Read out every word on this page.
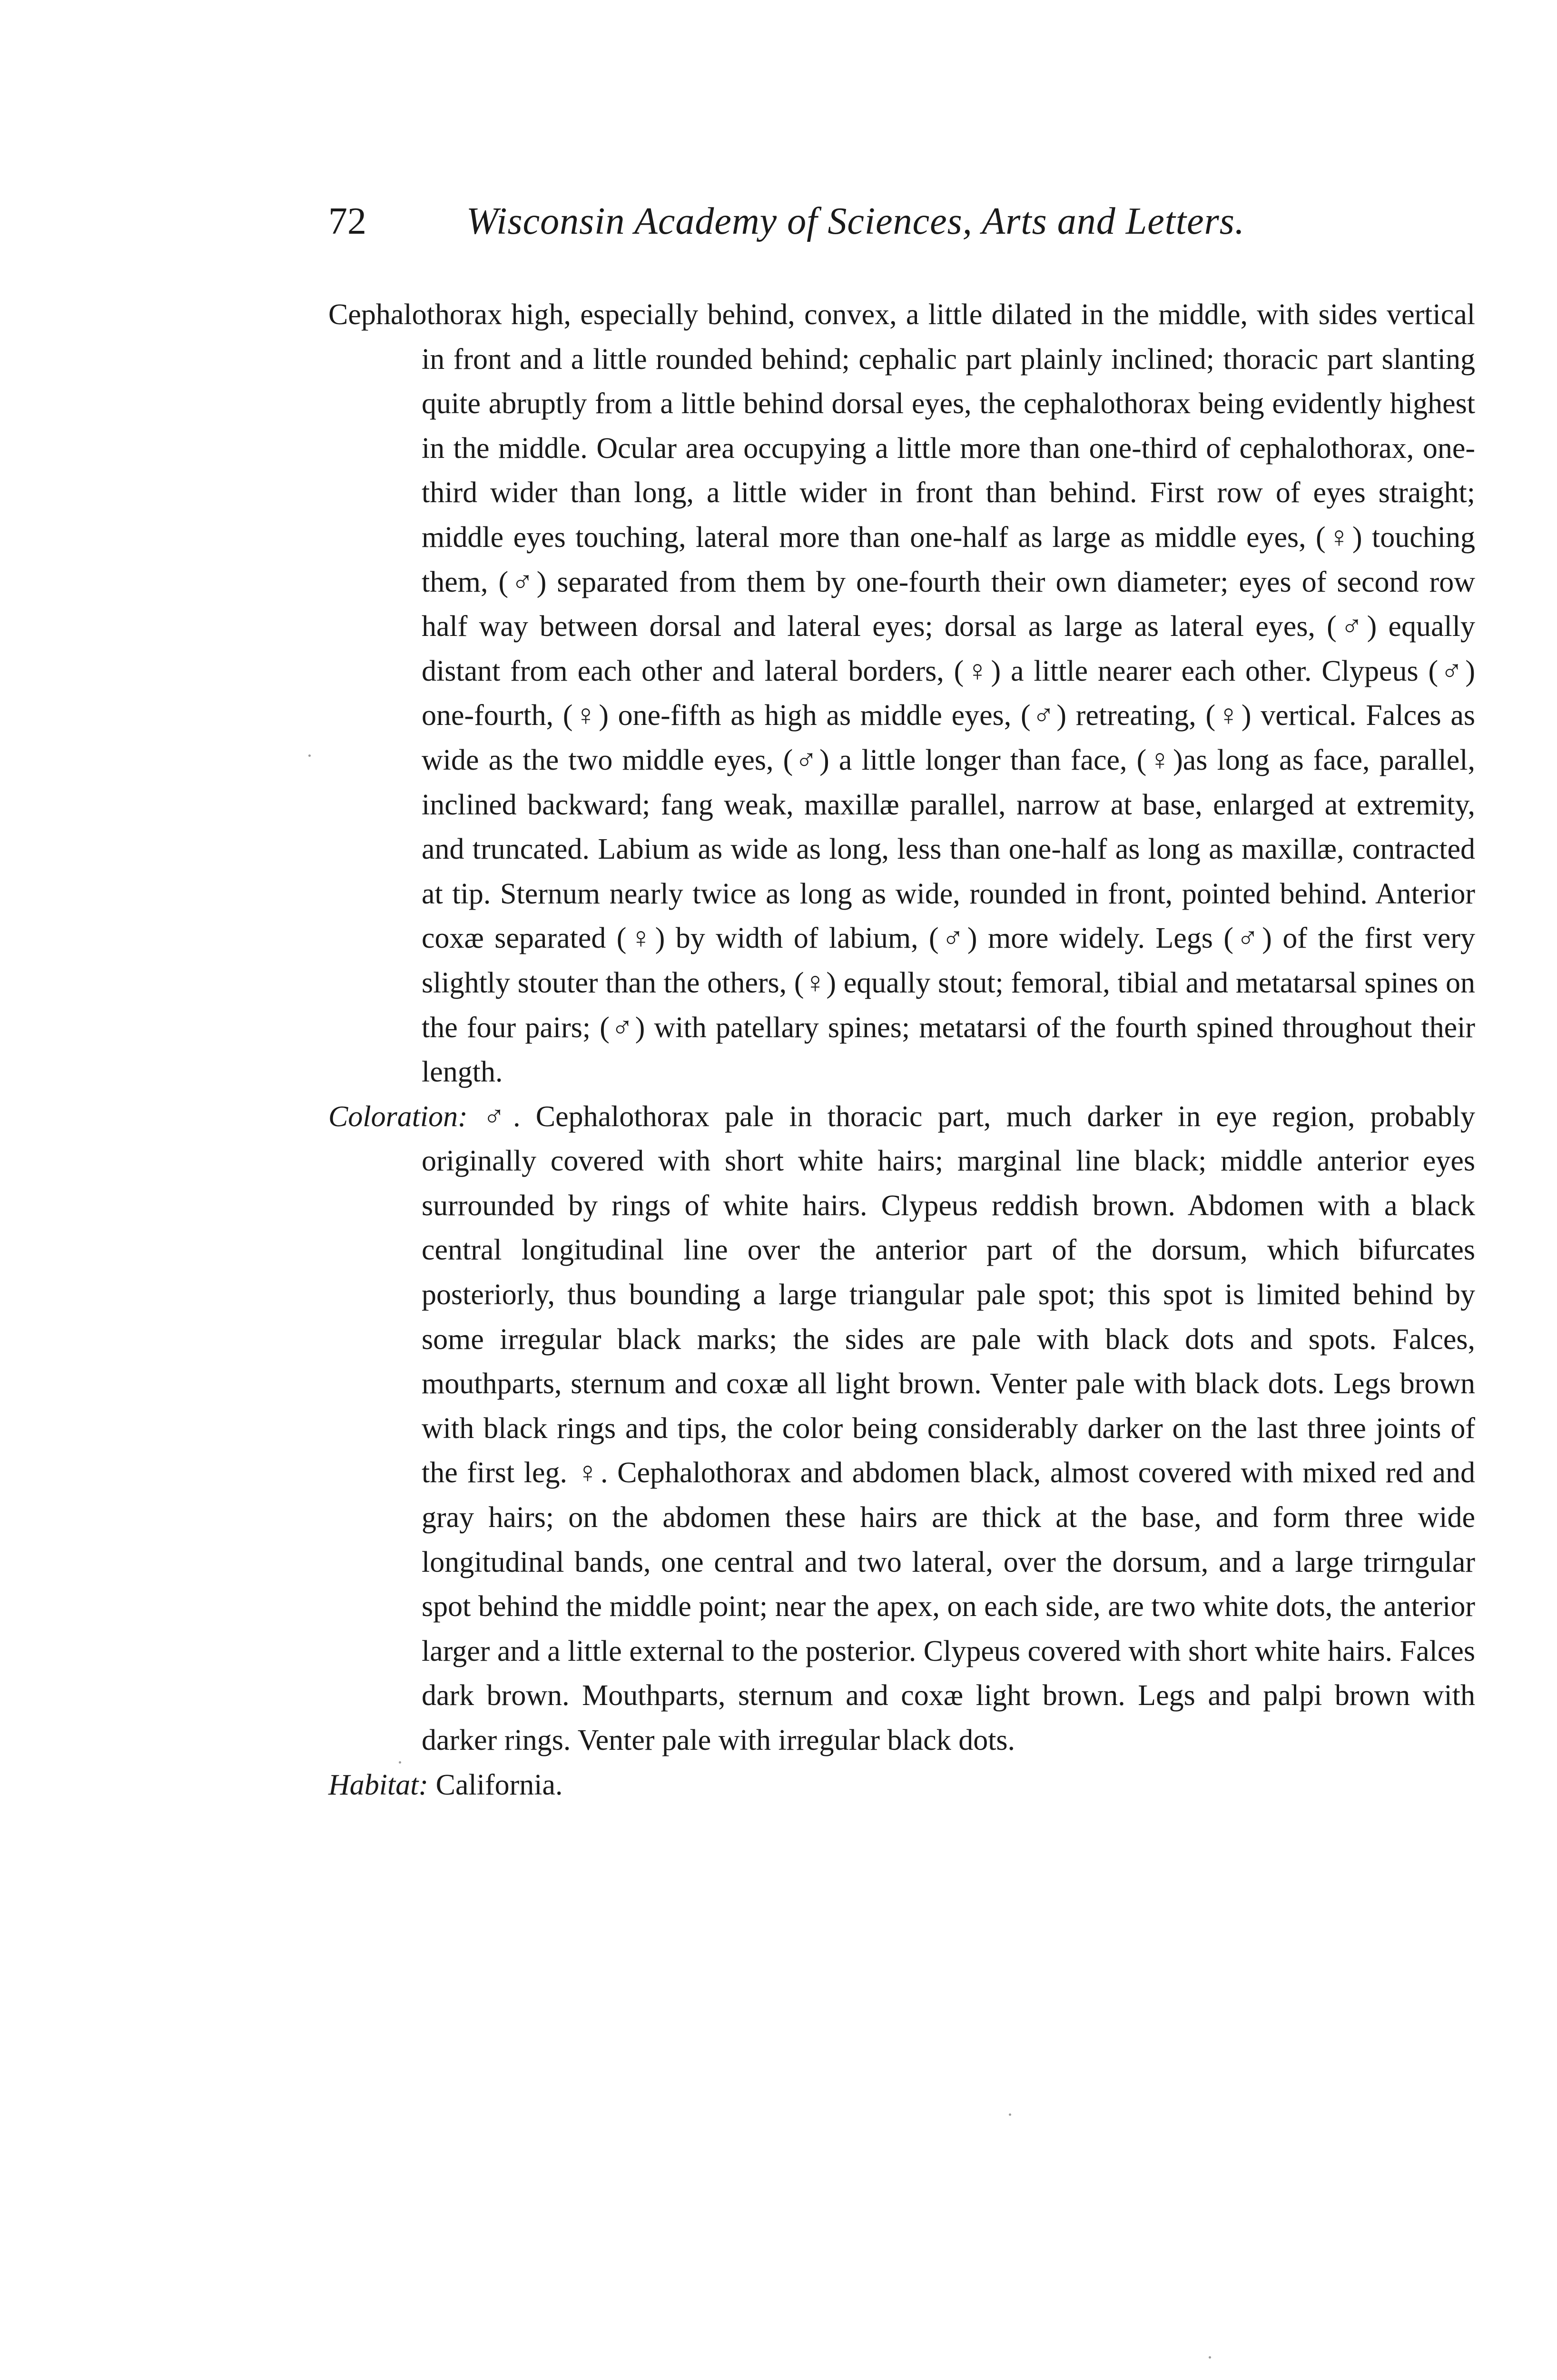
72	Wisconsin Academy of Sciences, Arts and Letters.

Cephalothorax high, especially behind, convex, a little dilated in the middle, with sides vertical in front and a little rounded behind; cephalic part plainly inclined; thoracic part slanting quite abruptly from a little behind dorsal eyes, the cephalothorax being evidently highest in the middle. Ocular area occupying a little more than one-third of cephalothorax, one-third wider than long, a little wider in front than behind. First row of eyes straight; middle eyes touching, lateral more than one-half as large as middle eyes, (♀) touching them, (♂) separated from them by one-fourth their own diameter; eyes of second row half way between dorsal and lateral eyes; dorsal as large as lateral eyes, (♂) equally distant from each other and lateral borders, (♀) a little nearer each other. Clypeus (♂) one-fourth, (♀) one-fifth as high as middle eyes, (♂) retreating, (♀) vertical. Falces as wide as the two middle eyes, (♂) a little longer than face, (♀)as long as face, parallel, inclined backward; fang weak, maxillæ parallel, narrow at base, enlarged at extremity, and truncated. Labium as wide as long, less than one-half as long as maxillæ, contracted at tip. Sternum nearly twice as long as wide, rounded in front, pointed behind. Anterior coxæ separated (♀) by width of labium, (♂) more widely. Legs (♂) of the first very slightly stouter than the others, (♀) equally stout; femoral, tibial and metatarsal spines on the four pairs; (♂) with patellary spines; metatarsi of the fourth spined throughout their length.

Coloration: ♂. Cephalothorax pale in thoracic part, much darker in eye region, probably originally covered with short white hairs; marginal line black; middle anterior eyes surrounded by rings of white hairs. Clypeus reddish brown. Abdomen with a black central longitudinal line over the anterior part of the dorsum, which bifurcates posteriorly, thus bounding a large triangular pale spot; this spot is limited behind by some irregular black marks; the sides are pale with black dots and spots. Falces, mouthparts, sternum and coxæ all light brown. Venter pale with black dots. Legs brown with black rings and tips, the color being considerably darker on the last three joints of the first leg. ♀. Cephalothorax and abdomen black, almost covered with mixed red and gray hairs; on the abdomen these hairs are thick at the base, and form three wide longitudinal bands, one central and two lateral, over the dorsum, and a large trirngular spot behind the middle point; near the apex, on each side, are two white dots, the anterior larger and a little external to the posterior. Clypeus covered with short white hairs. Falces dark brown. Mouthparts, sternum and coxæ light brown. Legs and palpi brown with darker rings. Venter pale with irregular black dots.

Habitat: California.
